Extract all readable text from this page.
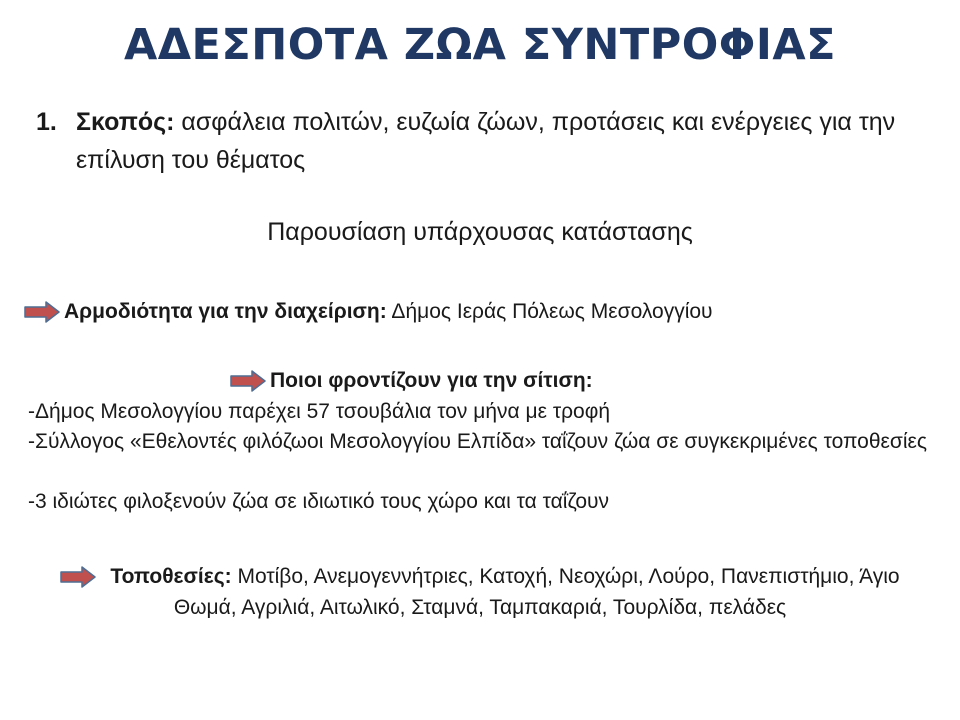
ΑΔΕΣΠΟΤΑ ΖΩΑ ΣΥΝΤΡΟΦΙΑΣ
1. Σκοπός: ασφάλεια πολιτών, ευζωία ζώων, προτάσεις και ενέργειες για την επίλυση του θέματος
Παρουσίαση υπάρχουσας κατάστασης
Αρμοδιότητα για την διαχείριση: Δήμος Ιεράς Πόλεως Μεσολογγίου
Ποιοι φροντίζουν για την σίτιση:
-Δήμος Μεσολογγίου παρέχει 57 τσουβάλια τον μήνα με τροφή
-Σύλλογος «Εθελοντές φιλόζωοι Μεσολογγίου Ελπίδα» ταΐζουν ζώα σε συγκεκριμένες τοποθεσίες
-3 ιδιώτες φιλοξενούν ζώα σε ιδιωτικό τους χώρο και τα ταΐζουν
Τοποθεσίες: Μοτίβο, Ανεμογεννήτριες, Κατοχή, Νεοχώρι, Λούρο, Πανεπιστήμιο, Άγιο Θωμά, Αγριλιά, Αιτωλικό, Σταμνά, Ταμπακαριά, Τουρλίδα, πελάδες
